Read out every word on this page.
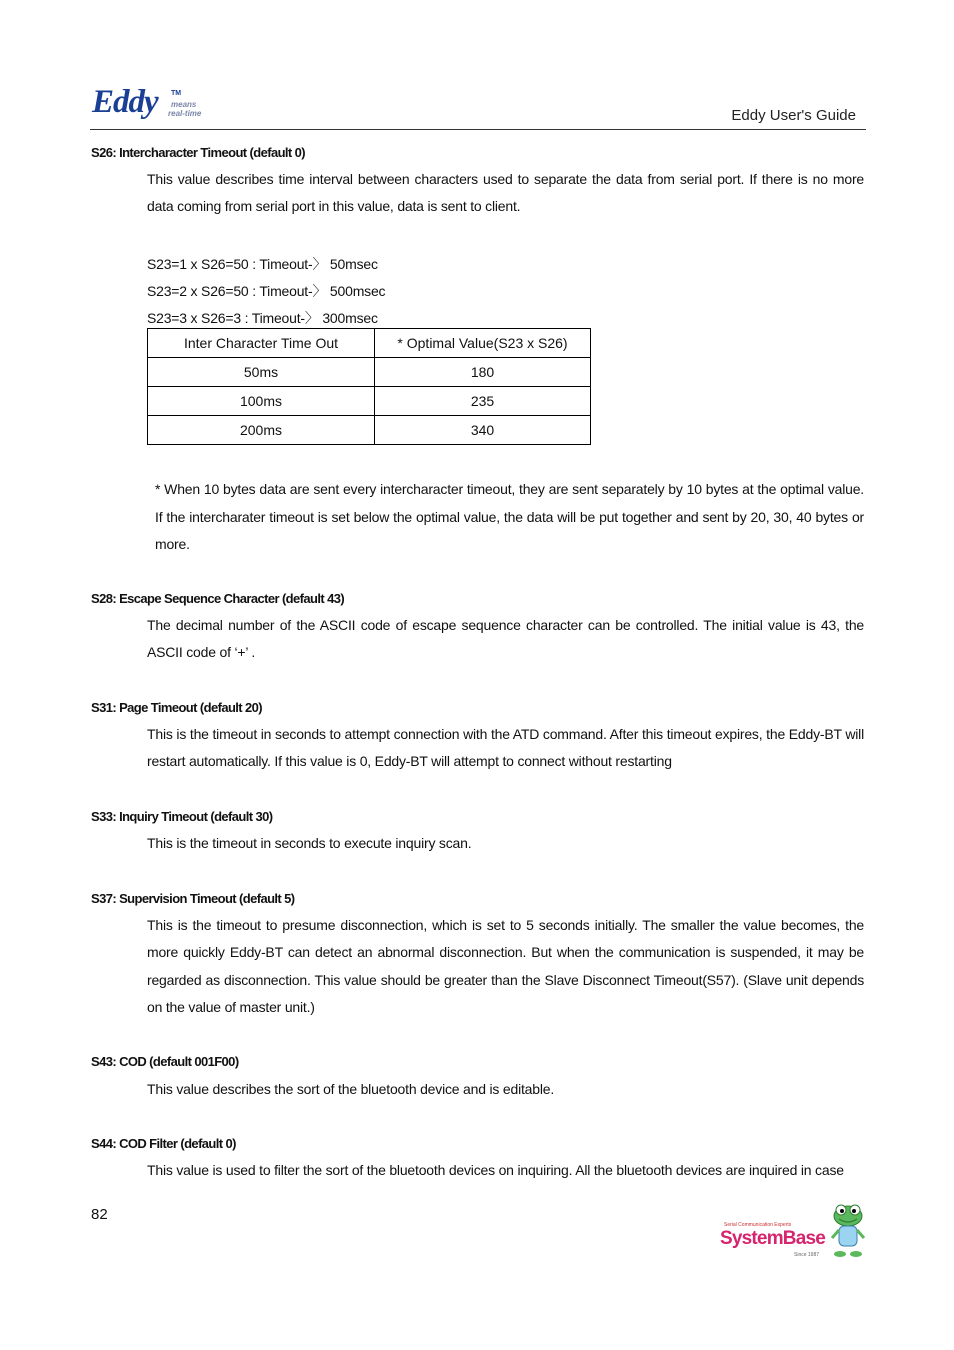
Eddy TM
means
real-time	Eddy User's Guide
S26: Intercharacter Timeout (default 0)
This value describes time interval between characters used to separate the data from serial port. If there is no more data coming from serial port in this value, data is sent to client.
S23=1 x S26=50 : Timeout-〉 50msec
S23=2 x S26=50 : Timeout-〉 500msec
S23=3 x S26=3 : Timeout-〉 300msec
Inter Character Time Out	* Optimal Value(S23 x S26)
50ms	180
100ms	235
200ms	340
* When 10 bytes data are sent every intercharacter timeout, they are sent separately by 10 bytes at the optimal value. If the intercharater timeout is set below the optimal value, the data will be put together and sent by 20, 30, 40 bytes or more.
S28: Escape Sequence Character (default 43)
The decimal number of the ASCII code of escape sequence character can be controlled. The initial value is 43, the ASCII code of ‘+’ .
S31: Page Timeout (default 20)
This is the timeout in seconds to attempt connection with the ATD command. After this timeout expires, the Eddy-BT will restart automatically. If this value is 0, Eddy-BT will attempt to connect without restarting
S33: Inquiry Timeout (default 30)
This is the timeout in seconds to execute inquiry scan.
S37: Supervision Timeout (default 5)
This is the timeout to presume disconnection, which is set to 5 seconds initially. The smaller the value becomes, the more quickly Eddy-BT can detect an abnormal disconnection. But when the communication is suspended, it may be regarded as disconnection. This value should be greater than the Slave Disconnect Timeout(S57). (Slave unit depends on the value of master unit.)
S43: COD (default 001F00)
This value describes the sort of the bluetooth device and is editable.
S44: COD Filter (default 0)
This value is used to filter the sort of the bluetooth devices on inquiring. All the bluetooth devices are inquired in case
82
Serial Communication Experts
SystemBase
Since 1987
